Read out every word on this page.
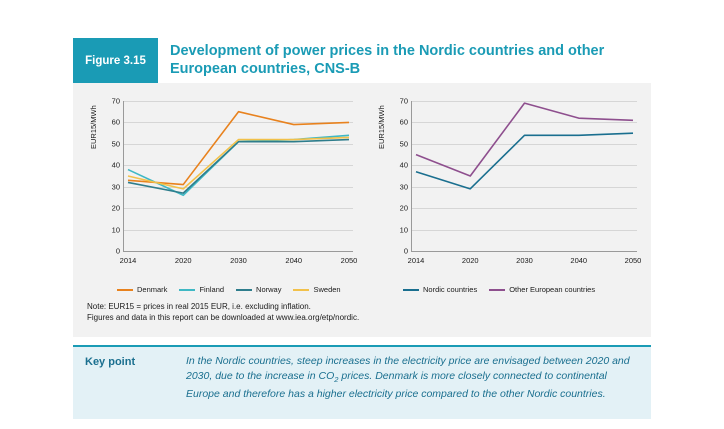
Figure 3.15
Development of power prices in the Nordic countries and other European countries, CNS-B
EUR15/MWh
0
10
20
30
40
50
60
70
2014	2020	2030	2040	2050
Denmark	Finland	Norway	Sweden
EUR15/MWh
0
10
20
30
40
50
60
70
2014	2020	2030	2040	2050
Nordic countries	Other European countries
Note: EUR15 = prices in real 2015 EUR, i.e. excluding inflation.
Figures and data in this report can be downloaded at www.iea.org/etp/nordic.
Key point	In the Nordic countries, steep increases in the electricity price are envisaged between 2020 and 2030, due to the increase in $CO_2$ prices. Denmark is more closely connected to continental Europe and therefore has a higher electricity price compared to the other Nordic countries.
